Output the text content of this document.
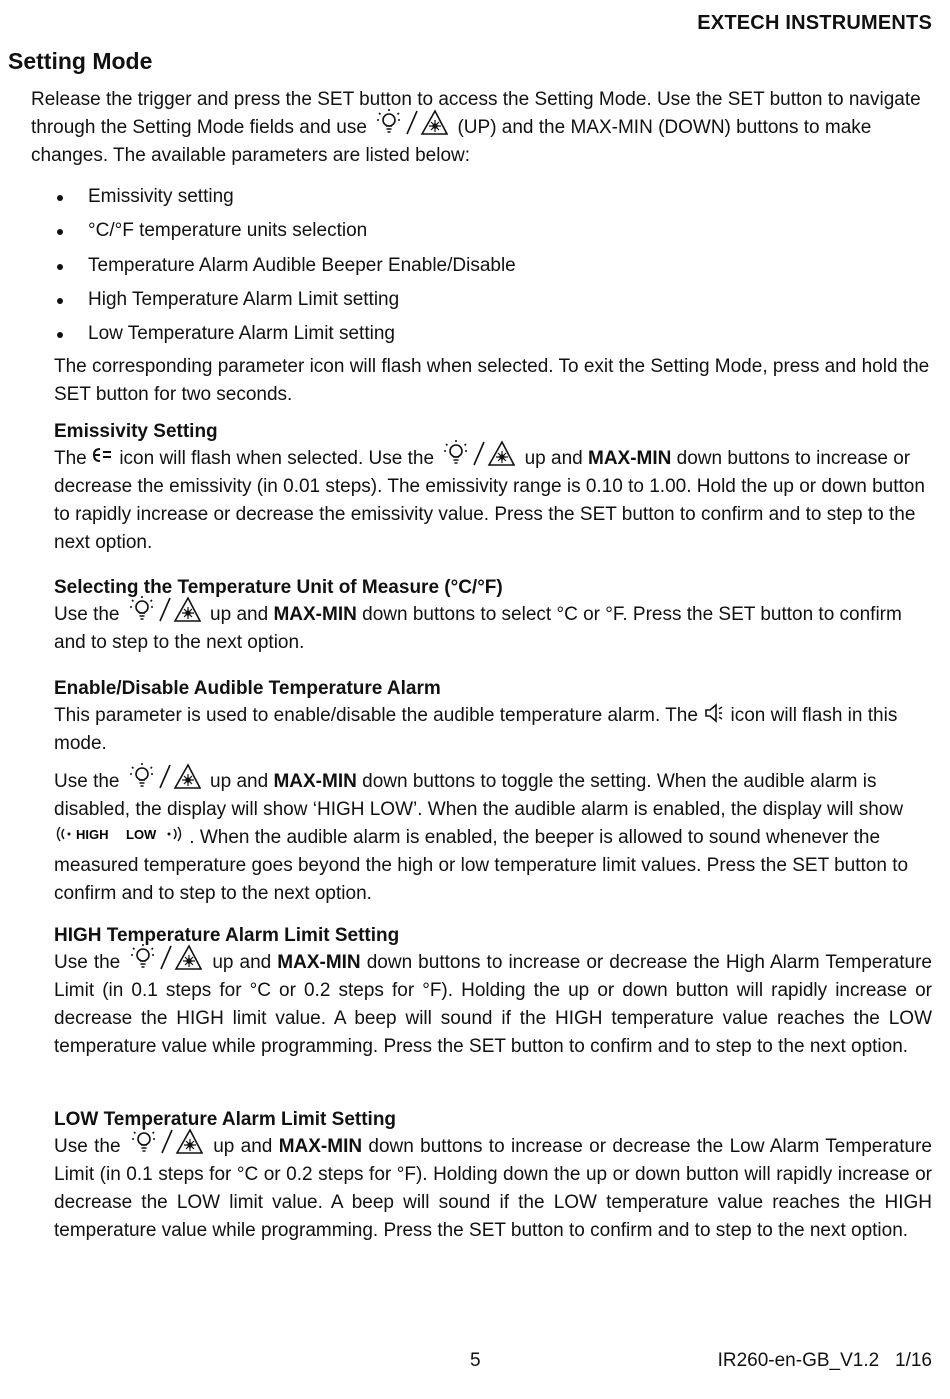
EXTECH INSTRUMENTS
Setting Mode
Release the trigger and press the SET button to access the Setting Mode. Use the SET button to navigate through the Setting Mode fields and use	(UP) and the MAX-MIN (DOWN) buttons to make changes. The available parameters are listed below:
Emissivity setting
°C/°F temperature units selection
Temperature Alarm Audible Beeper Enable/Disable
High Temperature Alarm Limit setting
Low Temperature Alarm Limit setting

The corresponding parameter icon will flash when selected. To exit the Setting Mode, press and hold the SET button for two seconds.

Emissivity Setting

The icon will flash when selected. Use the	up and MAX-MIN down buttons to increase or decrease the emissivity (in 0.01 steps). The emissivity range is 0.10 to 1.00. Hold the up or down button to rapidly increase or decrease the emissivity value. Press the SET button to confirm and to step to the next option.

Selecting the Temperature Unit of Measure (°C/°F)

Use the	up and MAX-MIN down buttons to select °C or °F. Press the SET button to confirm and to step to the next option.

Enable/Disable Audible Temperature Alarm

This parameter is used to enable/disable the audible temperature alarm. The icon will flash in this mode.

Use the	up and MAX-MIN down buttons to toggle the setting. When the audible alarm is disabled, the display will show ‘HIGH LOW’. When the audible alarm is enabled, the display will show
HIGH LOW . When the audible alarm is enabled, the beeper is allowed to sound whenever the measured temperature goes beyond the high or low temperature limit values. Press the SET button to confirm and to step to the next option.

HIGH Temperature Alarm Limit Setting

Use the	up and MAX-MIN down buttons to increase or decrease the High Alarm Temperature Limit (in 0.1 steps for °C or 0.2 steps for °F). Holding the up or down button will rapidly increase or decrease the HIGH limit value. A beep will sound if the HIGH temperature value reaches the LOW temperature value while programming. Press the SET button to confirm and to step to the next option.

LOW Temperature Alarm Limit Setting

Use the	up and MAX-MIN down buttons to increase or decrease the Low Alarm Temperature Limit (in 0.1 steps for °C or 0.2 steps for °F). Holding down the up or down button will rapidly increase or decrease the LOW limit value. A beep will sound if the LOW temperature value reaches the HIGH temperature value while programming. Press the SET button to confirm and to step to the next option.

5	IR260-en-GB_V1.2   1/16
